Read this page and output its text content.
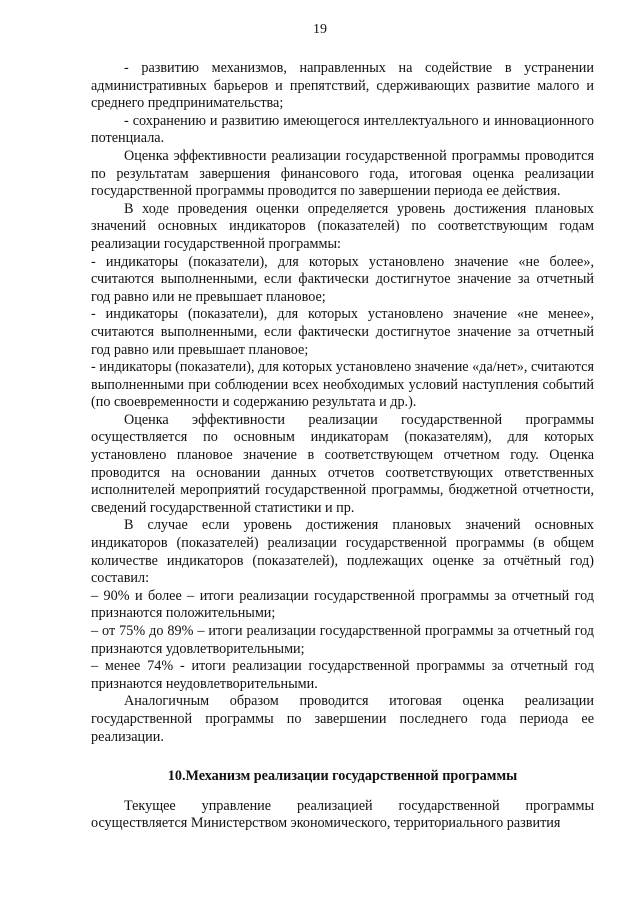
19

- развитию механизмов, направленных на содействие в устранении административных барьеров и препятствий, сдерживающих развитие малого и среднего предпринимательства;

- сохранению и развитию имеющегося интеллектуального и инновационного потенциала.

Оценка эффективности реализации государственной программы проводится по результатам завершения финансового года, итоговая оценка реализации государственной программы проводится по завершении периода ее действия.

В ходе проведения оценки определяется уровень достижения плановых значений основных индикаторов (показателей) по соответствующим годам реализации государственной программы:

- индикаторы (показатели), для которых установлено значение «не более», считаются выполненными, если фактически достигнутое значение за отчетный год равно или не превышает плановое;

- индикаторы (показатели), для которых установлено значение «не менее», считаются выполненными, если фактически достигнутое значение за отчетный год равно или превышает плановое;

- индикаторы (показатели), для которых установлено значение «да/нет», считаются выполненными при соблюдении всех необходимых условий наступления событий (по своевременности и содержанию результата и др.).

Оценка эффективности реализации государственной программы осуществляется по основным индикаторам (показателям), для которых установлено плановое значение в соответствующем отчетном году. Оценка проводится на основании данных отчетов соответствующих ответственных исполнителей мероприятий государственной программы, бюджетной отчетности, сведений государственной статистики и пр.

В случае если уровень достижения плановых значений основных индикаторов (показателей) реализации государственной программы (в общем количестве индикаторов (показателей), подлежащих оценке за отчётный год) составил:

– 90% и более – итоги реализации государственной программы за отчетный год признаются положительными;

– от 75% до 89% – итоги реализации государственной программы за отчетный год признаются удовлетворительными;

– менее 74% - итоги реализации государственной программы за отчетный год признаются неудовлетворительными.

Аналогичным образом проводится итоговая оценка реализации государственной программы по завершении последнего года периода ее реализации.

10.Механизм реализации государственной программы

Текущее управление реализацией государственной программы осуществляется Министерством экономического, территориального развития
